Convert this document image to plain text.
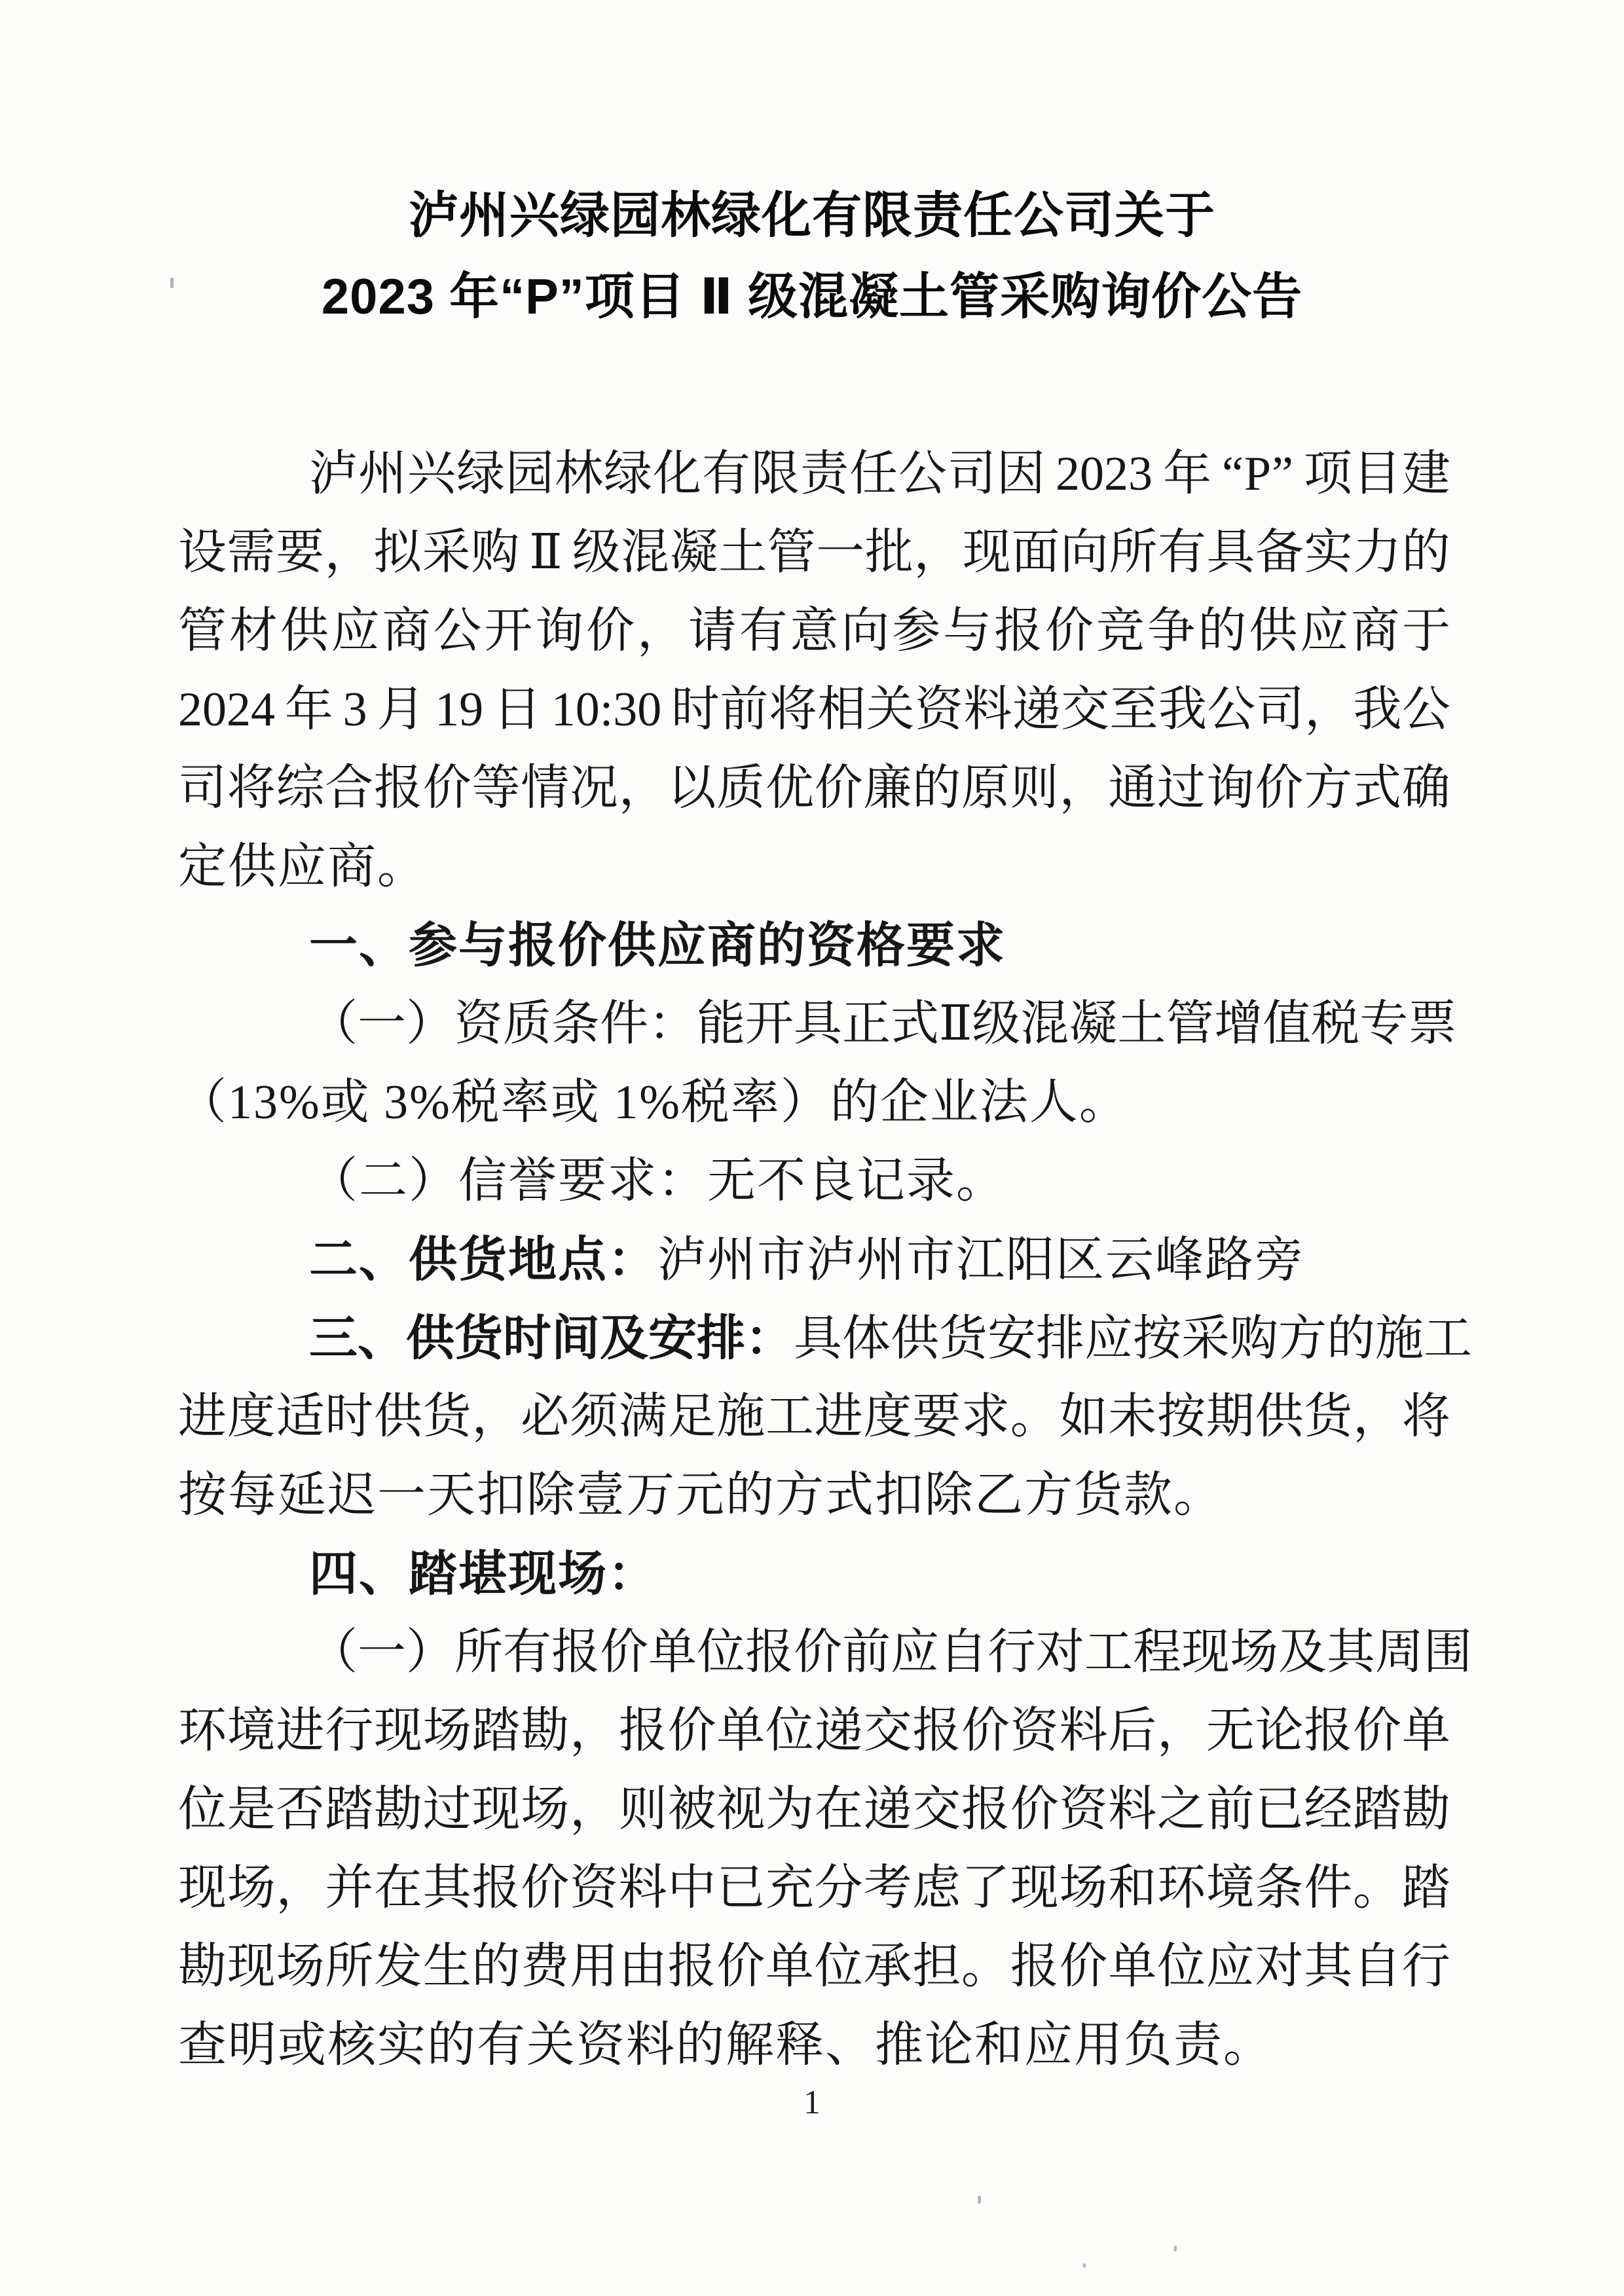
泸州兴绿园林绿化有限责任公司关于
2023 年“P”项目 Ⅱ 级混凝土管采购询价公告
泸 州 兴 绿 园 林 绿 化 有 限 责 任 公 司 因 2023 年 “ P ” 项 目 建
设 需 要 ， 拟 采 购 Ⅱ 级 混 凝 土 管 一 批 ， 现 面 向 所 有 具 备 实 力 的
管 材 供 应 商 公 开 询 价 ， 请 有 意 向 参 与 报 价 竞 争 的 供 应 商 于
2024 年 3 月 19 日 10:30 时 前 将 相 关 资 料 递 交 至 我 公 司 ， 我 公
司 将 综 合 报 价 等 情 况 ， 以 质 优 价 廉 的 原 则 ， 通 过 询 价 方 式 确
定供应商。
一、参与报价供应商的资格要求
（ 一 ） 资 质 条 件 ： 能 开 具 正 式 Ⅱ 级 混 凝 土 管 增 值 税 专 票
（13%或 3%税率或 1%税率）的企业法人。
（二）信誉要求：无不良记录。
二、供货地点：泸州市泸州市江阳区云峰路旁
三 、 供 货 时 间 及 安 排 ： 具 体 供 货 安 排 应 按 采 购 方 的 施 工
进 度 适 时 供 货 ， 必 须 满 足 施 工 进 度 要 求 。 如 未 按 期 供 货 ， 将
按每延迟一天扣除壹万元的方式扣除乙方货款。
四、踏堪现场：
（ 一 ） 所 有 报 价 单 位 报 价 前 应 自 行 对 工 程 现 场 及 其 周 围
环 境 进 行 现 场 踏 勘 ， 报 价 单 位 递 交 报 价 资 料 后 ， 无 论 报 价 单
位 是 否 踏 勘 过 现 场 ， 则 被 视 为 在 递 交 报 价 资 料 之 前 已 经 踏 勘
现 场 ， 并 在 其 报 价 资 料 中 已 充 分 考 虑 了 现 场 和 环 境 条 件 。 踏
勘 现 场 所 发 生 的 费 用 由 报 价 单 位 承 担 。 报 价 单 位 应 对 其 自 行
查明或核实的有关资料的解释、推论和应用负责。
1
